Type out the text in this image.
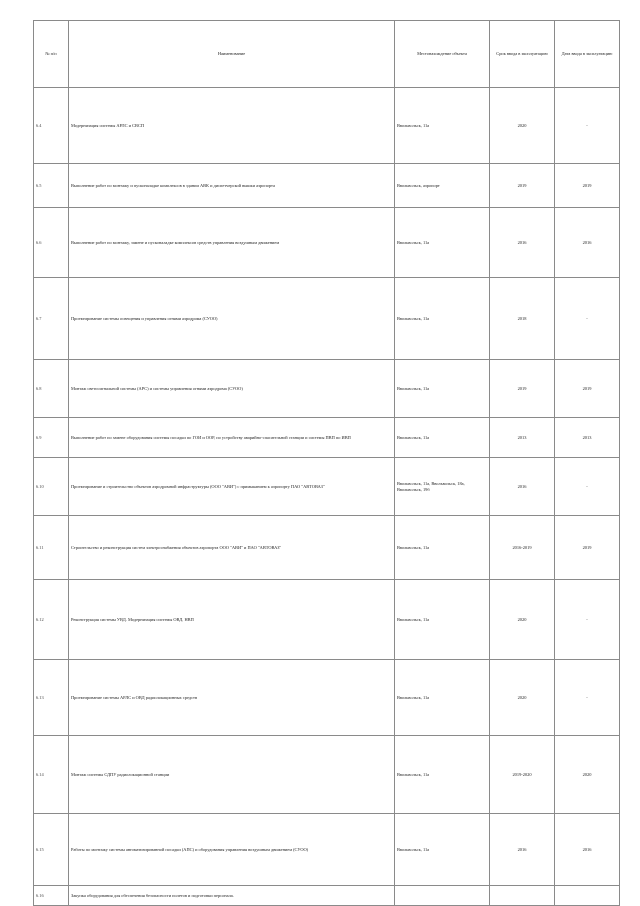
№ п/п	Наименование	Местонахождение объекта	Срок ввода в эксплуатацию	Дата ввода в эксплуатацию
6.4	Модернизация системы АРЛС и СВСП	Ввольвольск, 11а	2020	-
6.5	Выполнение работ по монтажу и пусконаладке комплексов в здании АВК и диспетчерской вышки аэропорта	Ввольвольск, аэропорт	2019	2019
6.6	Выполнение работ по монтажу, замене и пусконаладке комплексов средств управления воздушным движением	Ввольвольск, 11а	2016	2016
6.7	Проектирование системы освещения и управления огнями аэродрома (СУОО)	Ввольвольск, 11а	2018	-
6.8	Монтаж светосигнальной системы (АРС) и системы управления огнями аэродрома (СУОО)	Ввольвольск, 11а	2019	2019
6.9	Выполнение работ по замене оборудования системы посадки по ГОИ и ООР, по устройству аварийно-спасательной станции и системы ПВП по ИВП	Ввольвольск, 11а	2013	2013
6.10	Проектирование и строительство объектов аэродромной инфраструктуры (ООО "АВИ") с примыканием к аэропорту ПАО "АВТОВАЗ"	Ввольвольск, 11а, Ввольвольск, 18а, Ввольвольск, 19б	2016	-
6.11	Строительство и реконструкция систем электроснабжения объектов аэропорта ООО "АВИ" и ПАО "АВТОВАЗ"	Ввольвольск, 11а	2016-2019	2019
6.12	Реконструкция системы УВД. Модернизация системы ОВД. НВП	Ввольвольск, 11а	2020	-
6.13	Проектирование системы АРЛС и ОВД радиолокационных средств	Ввольвольск, 11а	2020	-
6.14	Монтаж системы СДПУ радиолокационной станции	Ввольвольск, 11а	2019-2020	2020
6.15	Работы по монтажу системы автоматизированной посадки (АПС) и оборудования управления воздушным движением (СУОО)	Ввольвольск, 11а	2016	2016
6.16	Закупка оборудования для обеспечения безопасности полетов и подготовки персонала.			
